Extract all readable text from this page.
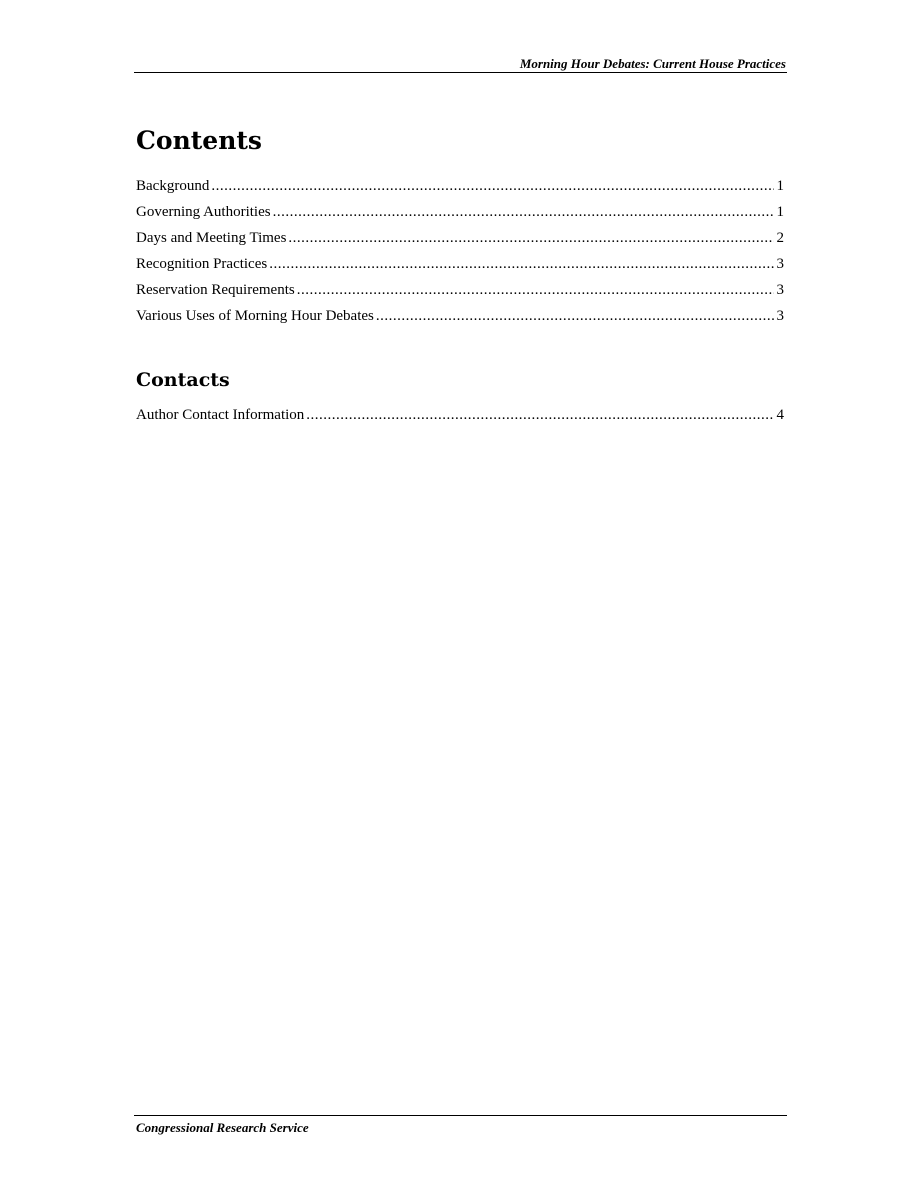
Morning Hour Debates: Current House Practices
Contents
Background .....	1
Governing Authorities .....	1
Days and Meeting Times .....	2
Recognition Practices .....	3
Reservation Requirements .....	3
Various Uses of Morning Hour Debates .....	3
Contacts
Author Contact Information .....	4
Congressional Research Service
